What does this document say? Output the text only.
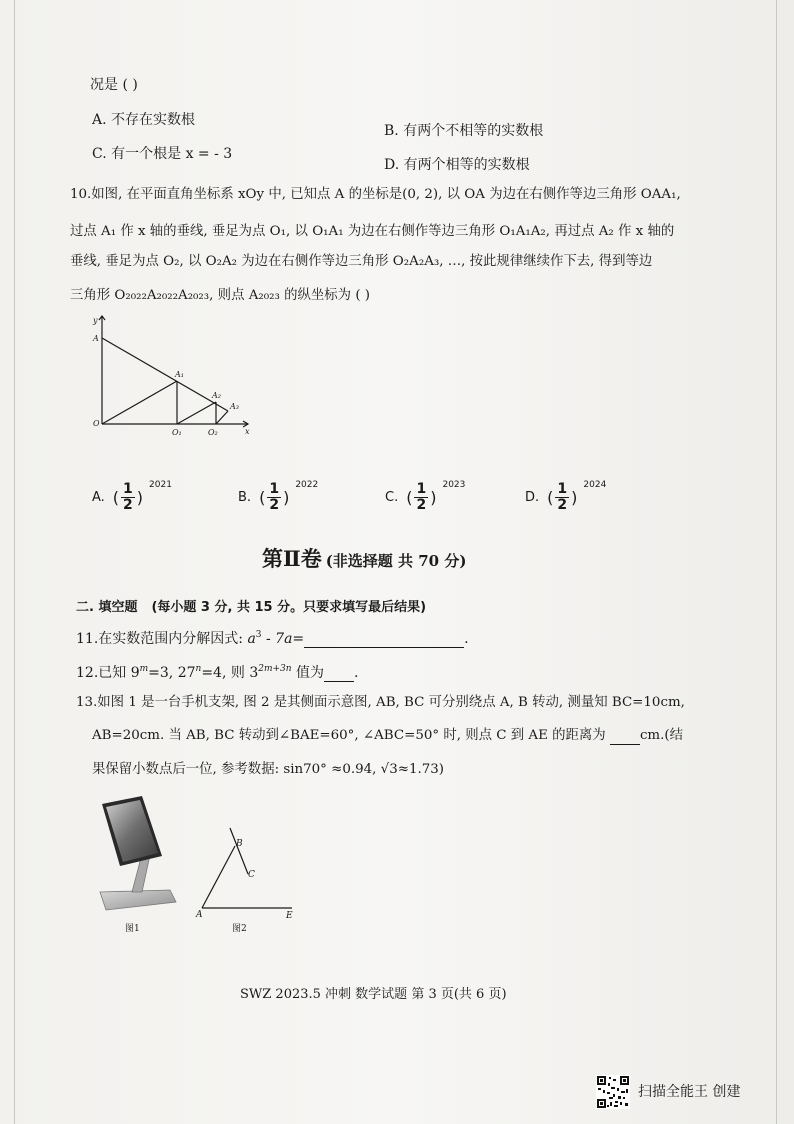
况是 ( )
A. 不存在实数根
B. 有两个不相等的实数根
C. 有一个根是 x = - 3
D. 有两个相等的实数根
10.如图, 在平面直角坐标系 xOy 中, 已知点 A 的坐标是(0, 2), 以 OA 为边在右侧作等边三角形 OAA₁,
过点 A₁ 作 x 轴的垂线, 垂足为点 O₁, 以 O₁A₁ 为边在右侧作等边三角形 O₁A₁A₂, 再过点 A₂ 作 x 轴的
垂线, 垂足为点 O₂, 以 O₂A₂ 为边在右侧作等边三角形 O₂A₂A₃, …, 按此规律继续作下去, 得到等边
三角形 O₂₀₂₂A₂₀₂₂A₂₀₂₃, 则点 A₂₀₂₃ 的纵坐标为 ( )
y
x
A
O
A₁
A₂
A₃
O₁	O₂
A. ( $\frac{1}{2}$ )
2021
B. ( $\frac{1}{2}$ )
2022
C. ( $\frac{1}{2}$ )
2023
D. ( $\frac{1}{2}$ )
2024
第Ⅱ卷 (非选择题 共 70 分)
二. 填空题 (每小题 3 分, 共 15 分。只要求填写最后结果)
11.在实数范围内分解因式: $a^3 - 7a=$	.
12.已知 $9^m=3$, $27^n=4$, 则 $3^{2m+3n}$ 值为 .
13.如图 1 是一台手机支架, 图 2 是其侧面示意图, AB, BC 可分别绕点 A, B 转动, 测量知 BC=10cm,
AB=20cm. 当 AB, BC 转动到∠BAE=60°, ∠ABC=50° 时, 则点 C 到 AE 的距离为 cm.(结
果保留小数点后一位, 参考数据: sin70° ≈0.94, √3≈1.73)
图1
A
B
C
E
图2
SWZ 2023.5 冲刺 数学试题 第 3 页(共 6 页)
扫描全能王 创建
